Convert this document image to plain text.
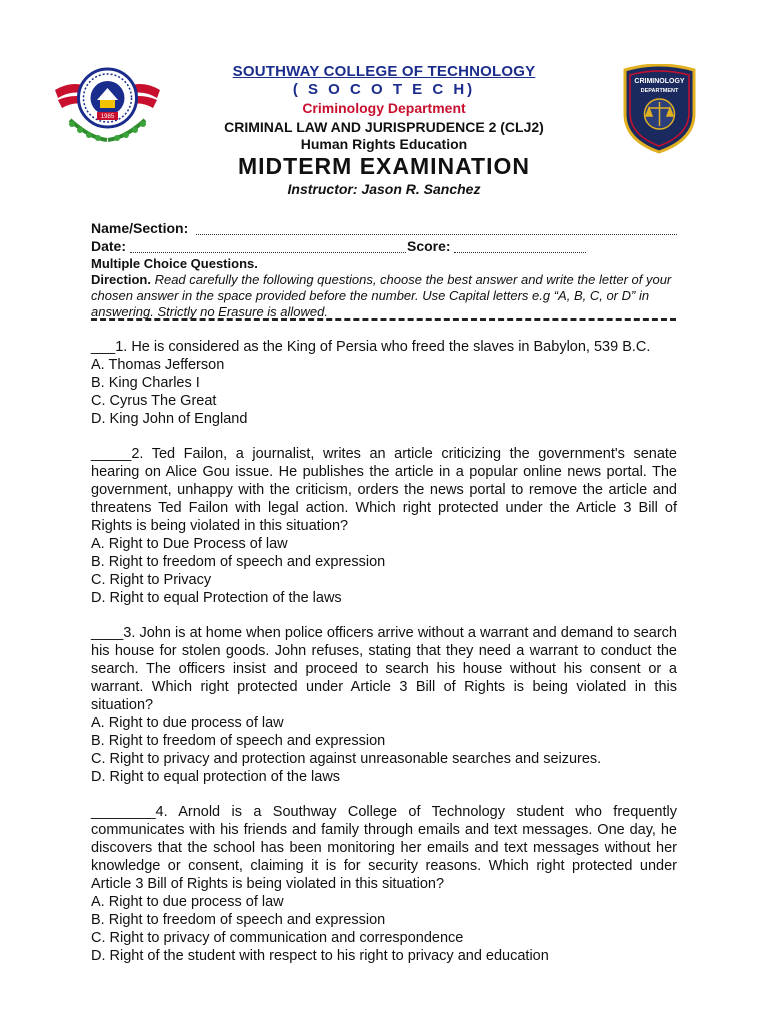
1985
CRIMINOLOGY
DEPARTMENT
SOUTHWAY COLLEGE OF TECHNOLOGY
( S O C O T E C H)
Criminology Department
CRIMINAL LAW AND JURISPRUDENCE 2 (CLJ2)
Human Rights Education
MIDTERM EXAMINATION
Instructor: Jason R. Sanchez
Name/Section:
Date:	Score:
Multiple Choice Questions.
Direction. Read carefully the following questions, choose the best answer and write the letter of your chosen answer in the space provided before the number. Use Capital letters e.g “A, B, C, or D” in answering. Strictly no Erasure is allowed.
___1. He is considered as the King of Persia who freed the slaves in Babylon, 539 B.C.
A. Thomas Jefferson
B. King Charles I
C. Cyrus The Great
D. King John of England
_____2. Ted Failon, a journalist, writes an article criticizing the government's senate hearing on Alice Gou issue. He publishes the article in a popular online news portal. The government, unhappy with the criticism, orders the news portal to remove the article and threatens Ted Failon with legal action. Which right protected under the Article 3 Bill of Rights is being violated in this situation?
A. Right to Due Process of law
B. Right to freedom of speech and expression
C. Right to Privacy
D. Right to equal Protection of the laws
____3. John is at home when police officers arrive without a warrant and demand to search his house for stolen goods. John refuses, stating that they need a warrant to conduct the search. The officers insist and proceed to search his house without his consent or a warrant. Which right protected under Article 3 Bill of Rights is being violated in this situation?
A. Right to due process of law
B. Right to freedom of speech and expression
C. Right to privacy and protection against unreasonable searches and seizures.
D. Right to equal protection of the laws
________4. Arnold is a Southway College of Technology student who frequently communicates with his friends and family through emails and text messages. One day, he discovers that the school has been monitoring her emails and text messages without her knowledge or consent, claiming it is for security reasons. Which right protected under Article 3 Bill of Rights is being violated in this situation?
A. Right to due process of law
B. Right to freedom of speech and expression
C. Right to privacy of communication and correspondence
D. Right of the student with respect to his right to privacy and education
